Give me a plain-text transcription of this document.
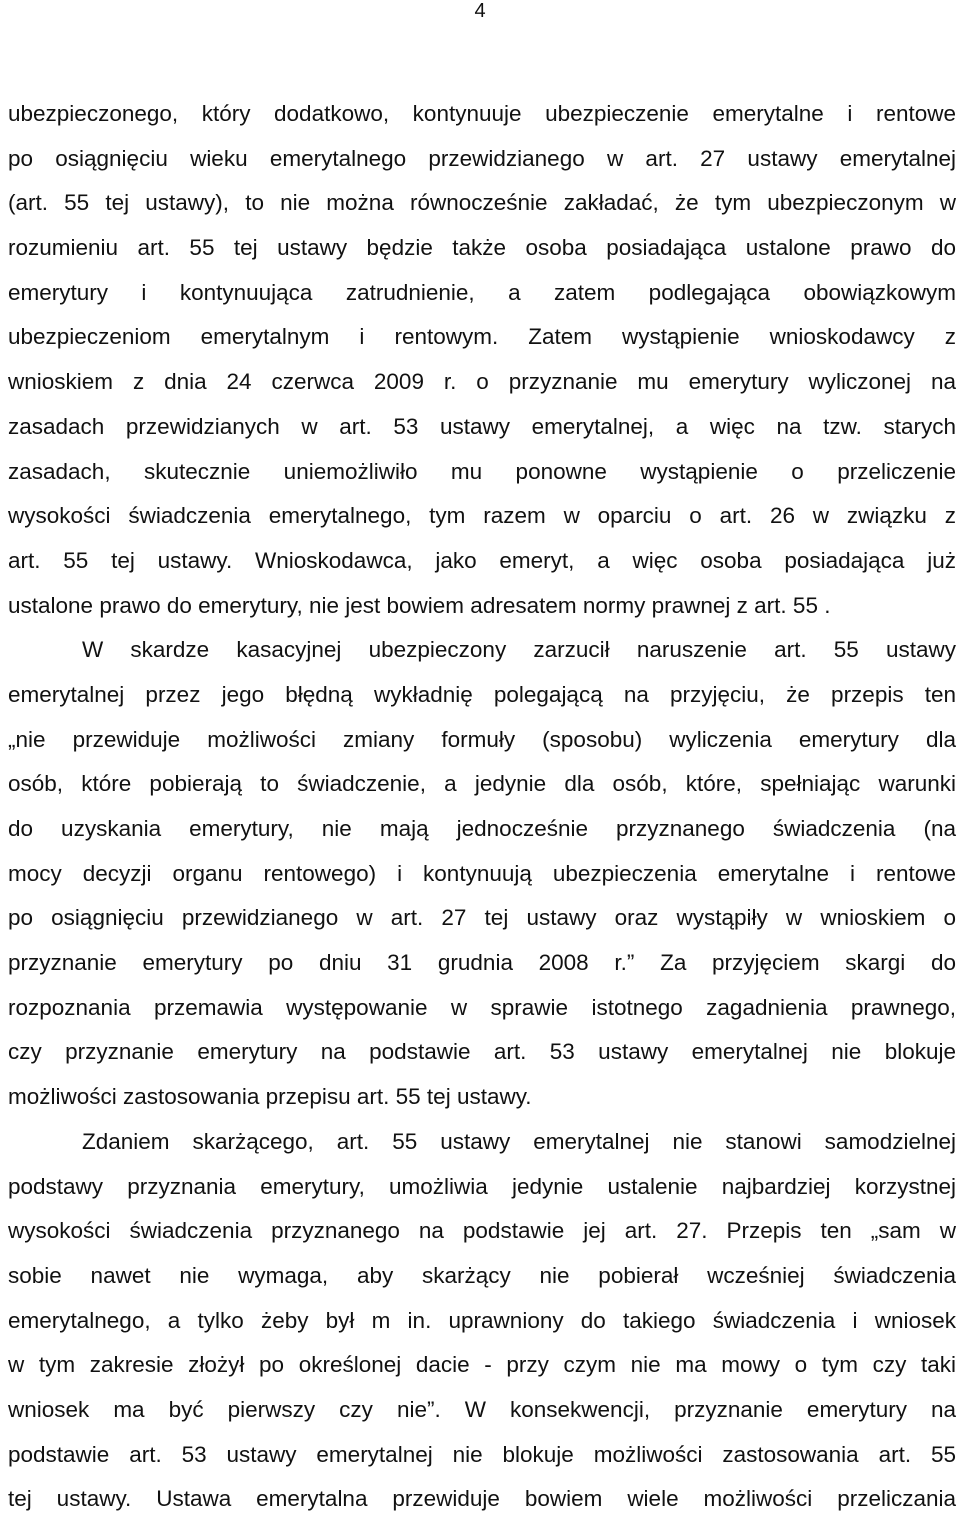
4
ubezpieczonego, który dodatkowo, kontynuuje ubezpieczenie emerytalne i rentowe
po osiągnięciu wieku emerytalnego przewidzianego w art. 27 ustawy emerytalnej
(art. 55 tej ustawy), to nie można równocześnie zakładać, że tym ubezpieczonym w
rozumieniu art. 55 tej ustawy będzie także osoba posiadająca ustalone prawo do
emerytury i kontynuująca zatrudnienie, a zatem podlegająca obowiązkowym
ubezpieczeniom emerytalnym i rentowym. Zatem wystąpienie wnioskodawcy z
wnioskiem z dnia 24 czerwca 2009 r. o przyznanie mu emerytury wyliczonej na
zasadach przewidzianych w art. 53 ustawy emerytalnej, a więc na tzw. starych
zasadach, skutecznie uniemożliwiło mu ponowne wystąpienie o przeliczenie
wysokości świadczenia emerytalnego, tym razem w oparciu o art. 26 w związku z
art. 55 tej ustawy. Wnioskodawca, jako emeryt, a więc osoba posiadająca już
ustalone prawo do emerytury, nie jest bowiem adresatem normy prawnej z art. 55 .
W skardze kasacyjnej ubezpieczony zarzucił naruszenie art. 55 ustawy
emerytalnej przez jego błędną wykładnię polegającą na przyjęciu, że przepis ten
„nie przewiduje możliwości zmiany formuły (sposobu) wyliczenia emerytury dla
osób, które pobierają to świadczenie, a jedynie dla osób, które, spełniając warunki
do uzyskania emerytury, nie mają jednocześnie przyznanego świadczenia (na
mocy decyzji organu rentowego) i kontynuują ubezpieczenia emerytalne i rentowe
po osiągnięciu przewidzianego w art. 27 tej ustawy oraz wystąpiły w wnioskiem o
przyznanie emerytury po dniu 31 grudnia 2008 r.” Za przyjęciem skargi do
rozpoznania przemawia występowanie w sprawie istotnego zagadnienia prawnego,
czy przyznanie emerytury na podstawie art. 53 ustawy emerytalnej nie blokuje
możliwości zastosowania przepisu art. 55 tej ustawy.
Zdaniem skarżącego, art. 55 ustawy emerytalnej nie stanowi samodzielnej
podstawy przyznania emerytury, umożliwia jedynie ustalenie najbardziej korzystnej
wysokości świadczenia przyznanego na podstawie jej art. 27. Przepis ten „sam w
sobie nawet nie wymaga, aby skarżący nie pobierał wcześniej świadczenia
emerytalnego, a tylko żeby był m in. uprawniony do takiego świadczenia i wniosek
w tym zakresie złożył po określonej dacie - przy czym nie ma mowy o tym czy taki
wniosek ma być pierwszy czy nie”. W konsekwencji, przyznanie emerytury na
podstawie art. 53 ustawy emerytalnej nie blokuje możliwości zastosowania art. 55
tej ustawy. Ustawa emerytalna przewiduje bowiem wiele możliwości przeliczania
